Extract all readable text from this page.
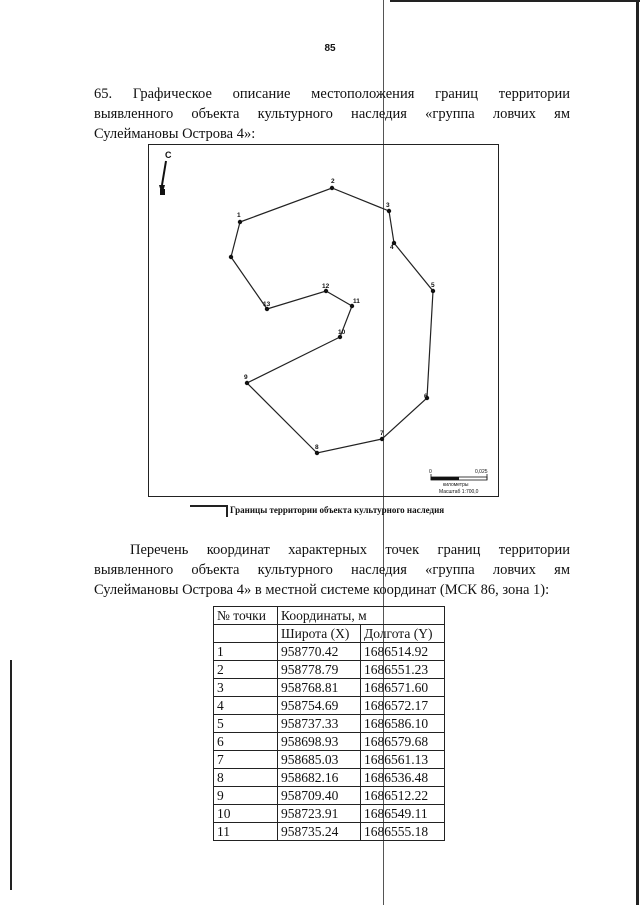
85
65. Графическое описание местоположения границ территории
выявленного объекта культурного наследия «группа ловчих ям
Сулеймановы Острова 4»:
С
1
2
3
4
5
6
7
8
9
10
11
12
13
0	0,025
километры
Масштаб 1:700,0
Границы территории объекта культурного наследия
Перечень координат характерных точек границ территории
выявленного объекта культурного наследия «группа ловчих ям
Сулеймановы Острова 4» в местной системе координат (МСК 86, зона 1):
№ точки	Координаты, м	
	Широта (X)	Долгота (Y)
1	958770.42	1686514.92
2	958778.79	1686551.23
3	958768.81	1686571.60
4	958754.69	1686572.17
5	958737.33	1686586.10
6	958698.93	1686579.68
7	958685.03	1686561.13
8	958682.16	1686536.48
9	958709.40	1686512.22
10	958723.91	1686549.11
11	958735.24	1686555.18
